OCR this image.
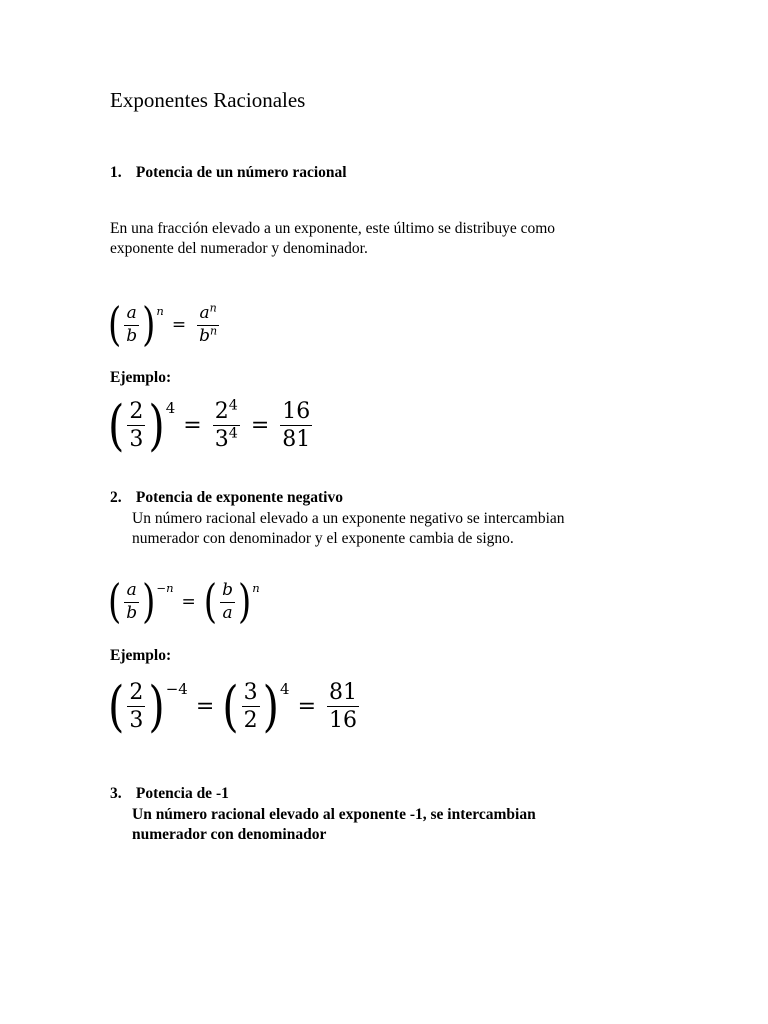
Exponentes Racionales
1. Potencia de un número racional
En una fracción elevado a un exponente, este último se distribuye como
exponente del numerador y denominador.
( $\frac{a}{b}$ ) n
= $\frac{a^n}{b^n}$
Ejemplo:
( $\frac{2}{3}$ ) 4
= $\frac{2^4}{3^4} = \frac{16}{81}$
2. Potencia de exponente negativo
Un número racional elevado a un exponente negativo se intercambian
numerador con denominador y el exponente cambia de signo.
( $\frac{a}{b}$ ) −n
= ( $\frac{b}{a}$ ) n
Ejemplo:
( $\frac{2}{3}$ ) −4
= ( $\frac{3}{2}$ ) 4
= $\frac{81}{16}$
3. Potencia de -1
Un número racional elevado al exponente -1, se intercambian
numerador con denominador
